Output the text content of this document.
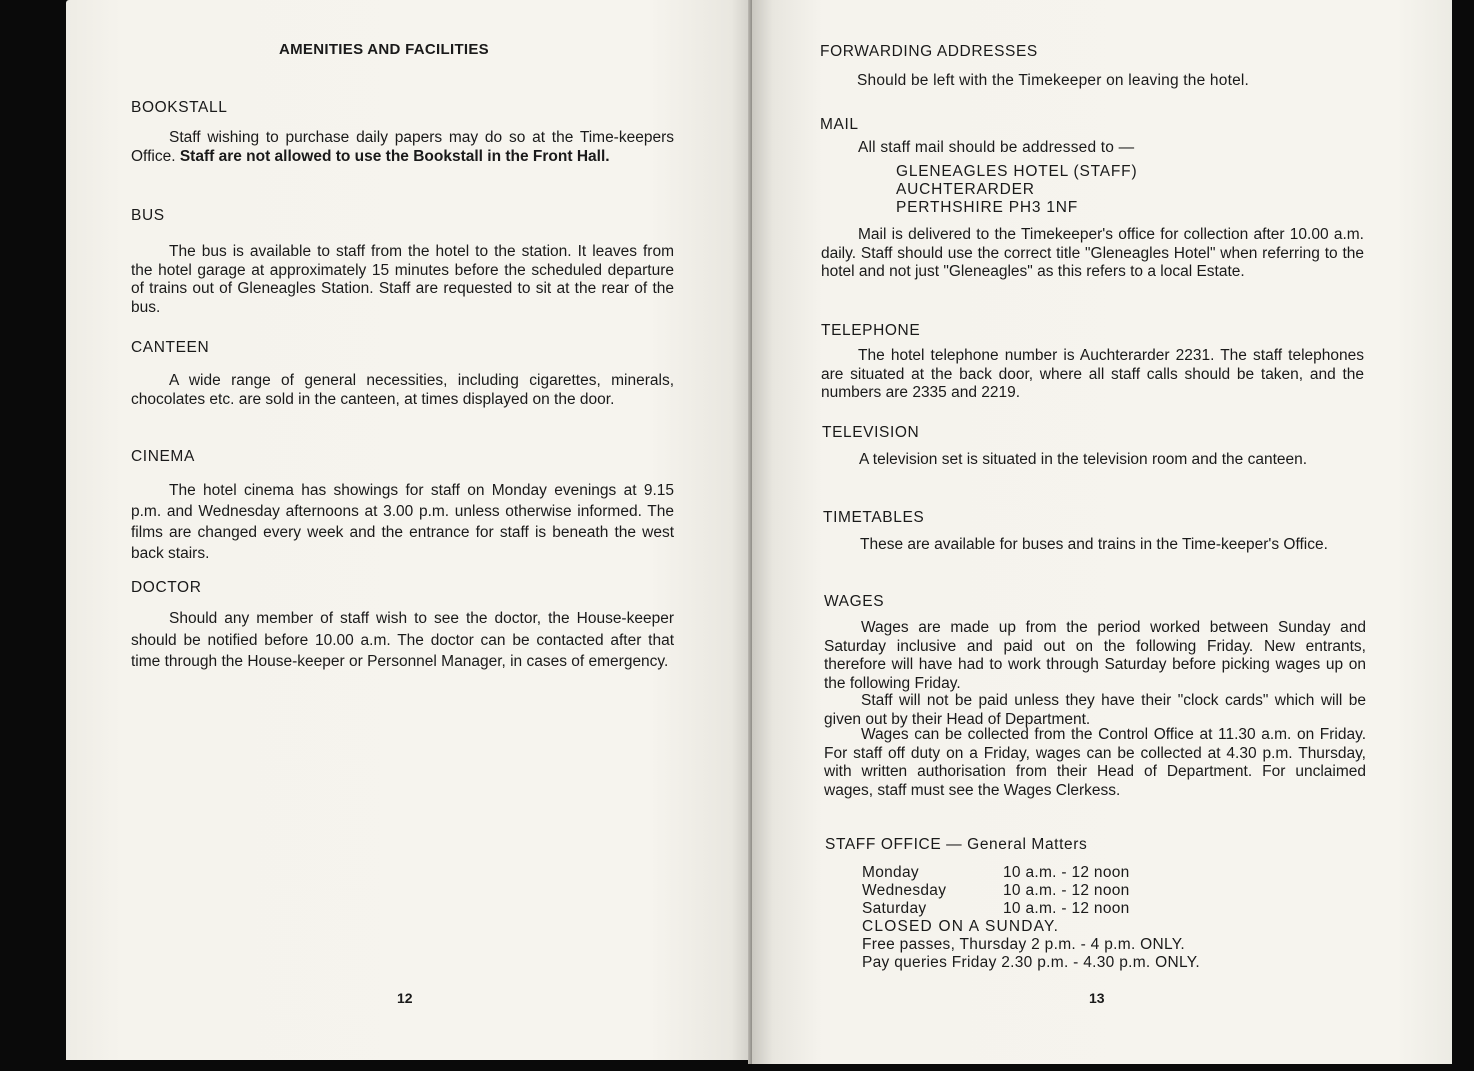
AMENITIES AND FACILITIES
BOOKSTALL
Staff wishing to purchase daily papers may do so at the Time-keepers Office. Staff are not allowed to use the Bookstall in the Front Hall.
BUS
The bus is available to staff from the hotel to the station. It leaves from the hotel garage at approximately 15 minutes before the scheduled departure of trains out of Gleneagles Station. Staff are requested to sit at the rear of the bus.
CANTEEN
A wide range of general necessities, including cigarettes, minerals, chocolates etc. are sold in the canteen, at times displayed on the door.
CINEMA
The hotel cinema has showings for staff on Monday evenings at 9.15 p.m. and Wednesday afternoons at 3.00 p.m. unless otherwise informed. The films are changed every week and the entrance for staff is beneath the west back stairs.
DOCTOR
Should any member of staff wish to see the doctor, the House-keeper should be notified before 10.00 a.m. The doctor can be contacted after that time through the House-keeper or Personnel Manager, in cases of emergency.
12
FORWARDING ADDRESSES
Should be left with the Timekeeper on leaving the hotel.
MAIL
All staff mail should be addressed to —
GLENEAGLES HOTEL (STAFF)
AUCHTERARDER
PERTHSHIRE PH3 1NF
Mail is delivered to the Timekeeper's office for collection after 10.00 a.m. daily. Staff should use the correct title "Gleneagles Hotel" when referring to the hotel and not just "Gleneagles" as this refers to a local Estate.
TELEPHONE
The hotel telephone number is Auchterarder 2231. The staff telephones are situated at the back door, where all staff calls should be taken, and the numbers are 2335 and 2219.
TELEVISION
A television set is situated in the television room and the canteen.
TIMETABLES
These are available for buses and trains in the Time-keeper's Office.
WAGES
Wages are made up from the period worked between Sunday and Saturday inclusive and paid out on the following Friday. New entrants, therefore will have had to work through Saturday before picking wages up on the following Friday.
Staff will not be paid unless they have their "clock cards" which will be given out by their Head of Department.
Wages can be collected from the Control Office at 11.30 a.m. on Friday. For staff off duty on a Friday, wages can be collected at 4.30 p.m. Thursday, with written authorisation from their Head of Department. For unclaimed wages, staff must see the Wages Clerkess.
STAFF OFFICE — General Matters
Monday	10 a.m. - 12 noon
Wednesday	10 a.m. - 12 noon
Saturday	10 a.m. - 12 noon
CLOSED ON A SUNDAY.
Free passes, Thursday 2 p.m. - 4 p.m. ONLY.
Pay queries Friday 2.30 p.m. - 4.30 p.m. ONLY.
13
